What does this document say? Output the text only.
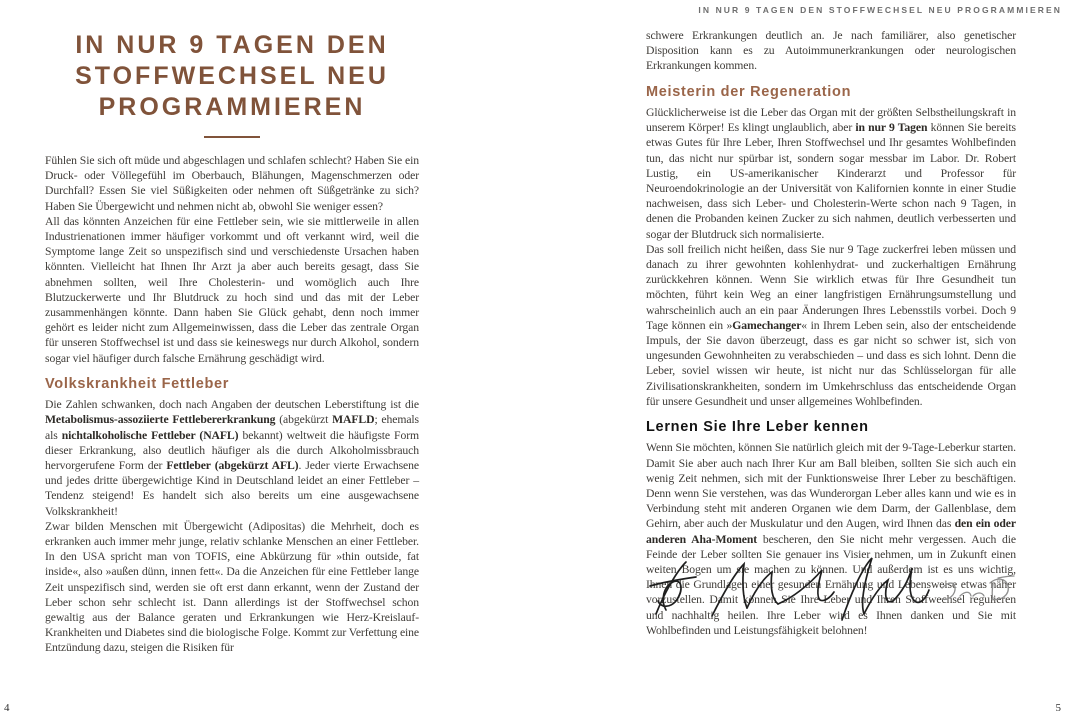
IN NUR 9 TAGEN DEN STOFFWECHSEL NEU PROGRAMMIEREN
IN NUR 9 TAGEN DEN
STOFFWECHSEL NEU
PROGRAMMIEREN

Fühlen Sie sich oft müde und abgeschlagen und schlafen schlecht? Haben Sie ein Druck- oder Völlegefühl im Oberbauch, Blähungen, Magenschmerzen oder Durchfall? Essen Sie viel Süßigkeiten oder nehmen oft Süßgetränke zu sich? Haben Sie Übergewicht und nehmen nicht ab, obwohl Sie weniger essen?

All das könnten Anzeichen für eine Fettleber sein, wie sie mittlerweile in allen Industrienationen immer häufiger vorkommt und oft verkannt wird, weil die Symptome lange Zeit so unspezifisch sind und verschiedenste Ursachen haben könnten. Vielleicht hat Ihnen Ihr Arzt ja aber auch bereits gesagt, dass Sie abnehmen sollten, weil Ihre Cholesterin- und womöglich auch Ihre Blutzuckerwerte und Ihr Blutdruck zu hoch sind und das mit der Leber zusammenhängen könnte. Dann haben Sie Glück gehabt, denn noch immer gehört es leider nicht zum Allgemeinwissen, dass die Leber das zentrale Organ für unseren Stoffwechsel ist und dass sie keineswegs nur durch Alkohol, sondern sogar viel häufiger durch falsche Ernährung geschädigt wird.

Volkskrankheit Fettleber

Die Zahlen schwanken, doch nach Angaben der deutschen Leberstiftung ist die Metabolismus-assoziierte Fettlebererkrankung (abgekürzt MAFLD; ehemals als nichtalkoholische Fettleber (NAFL) bekannt) weltweit die häufigste Form dieser Erkrankung, also deutlich häufiger als die durch Alkoholmissbrauch hervorgerufene Form der Fettleber (abgekürzt AFL). Jeder vierte Erwachsene und jedes dritte übergewichtige Kind in Deutschland leidet an einer Fettleber – Tendenz steigend! Es handelt sich also bereits um eine ausgewachsene Volkskrankheit!

Zwar bilden Menschen mit Übergewicht (Adipositas) die Mehrheit, doch es erkranken auch immer mehr junge, relativ schlanke Menschen an einer Fettleber. In den USA spricht man von TOFIS, eine Abkürzung für »thin outside, fat inside«, also »außen dünn, innen fett«. Da die Anzeichen für eine Fettleber lange Zeit unspezifisch sind, werden sie oft erst dann erkannt, wenn der Zustand der Leber schon sehr schlecht ist. Dann allerdings ist der Stoffwechsel schon gewaltig aus der Balance geraten und Erkrankungen wie Herz-Kreislauf-Krankheiten und Diabetes sind die biologische Folge. Kommt zur Verfettung eine Entzündung dazu, steigen die Risiken für

schwere Erkrankungen deutlich an. Je nach familiärer, also genetischer Disposition kann es zu Autoimmunerkrankungen oder neurologischen Erkrankungen kommen.

Meisterin der Regeneration

Glücklicherweise ist die Leber das Organ mit der größten Selbstheilungskraft in unserem Körper! Es klingt unglaublich, aber in nur 9 Tagen können Sie bereits etwas Gutes für Ihre Leber, Ihren Stoffwechsel und Ihr gesamtes Wohlbefinden tun, das nicht nur spürbar ist, sondern sogar messbar im Labor. Dr. Robert Lustig, ein US-amerikanischer Kinderarzt und Professor für Neuroendokrinologie an der Universität von Kalifornien konnte in einer Studie nachweisen, dass sich Leber- und Cholesterin-Werte schon nach 9 Tagen, in denen die Probanden keinen Zucker zu sich nahmen, deutlich verbesserten und sogar der Blutdruck sich normalisierte.

Das soll freilich nicht heißen, dass Sie nur 9 Tage zuckerfrei leben müssen und danach zu ihrer gewohnten kohlenhydrat- und zuckerhaltigen Ernährung zurückkehren können. Wenn Sie wirklich etwas für Ihre Gesundheit tun möchten, führt kein Weg an einer langfristigen Ernährungsumstellung und wahrscheinlich auch an ein paar Änderungen Ihres Lebensstils vorbei. Doch 9 Tage können ein »Gamechanger« in Ihrem Leben sein, also der entscheidende Impuls, der Sie davon überzeugt, dass es gar nicht so schwer ist, sich von ungesunden Gewohnheiten zu verabschieden – und dass es sich lohnt. Denn die Leber, soviel wissen wir heute, ist nicht nur das Schlüsselorgan für alle Zivilisationskrankheiten, sondern im Umkehrschluss das entscheidende Organ für unsere Gesundheit und unser allgemeines Wohlbefinden.

Lernen Sie Ihre Leber kennen

Wenn Sie möchten, können Sie natürlich gleich mit der 9-Tage-Leberkur starten. Damit Sie aber auch nach Ihrer Kur am Ball bleiben, sollten Sie sich auch ein wenig Zeit nehmen, sich mit der Funktionsweise Ihrer Leber zu beschäftigen. Denn wenn Sie verstehen, was das Wunderorgan Leber alles kann und wie es in Verbindung steht mit anderen Organen wie dem Darm, der Gallenblase, dem Gehirn, aber auch der Muskulatur und den Augen, wird Ihnen das den ein oder anderen Aha-Moment bescheren, den Sie nicht mehr vergessen. Auch die Feinde der Leber sollten Sie genauer ins Visier nehmen, um in Zukunft einen weiten Bogen um sie machen zu können. Und außerdem ist es uns wichtig, Ihnen die Grundlagen einer gesunden Ernährung und Lebensweise etwas näher vorzustellen. Damit können Sie Ihre Leber und Ihren Stoffwechsel regulieren und nachhaltig heilen. Ihre Leber wird es Ihnen danken und Sie mit Wohlbefinden und Leistungsfähigkeit belohnen!

4	5
